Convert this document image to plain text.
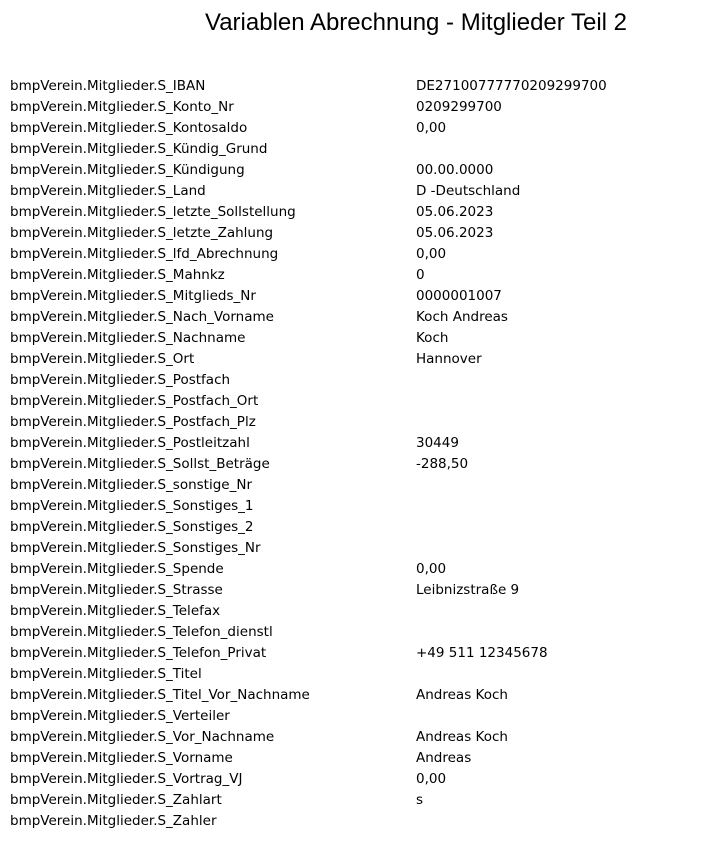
Variablen Abrechnung - Mitglieder Teil 2
bmpVerein.Mitglieder.S_IBAN	DE27100777770209299700
bmpVerein.Mitglieder.S_Konto_Nr	0209299700
bmpVerein.Mitglieder.S_Kontosaldo	0,00
bmpVerein.Mitglieder.S_Kündig_Grund
bmpVerein.Mitglieder.S_Kündigung	00.00.0000
bmpVerein.Mitglieder.S_Land	D -Deutschland
bmpVerein.Mitglieder.S_letzte_Sollstellung	05.06.2023
bmpVerein.Mitglieder.S_letzte_Zahlung	05.06.2023
bmpVerein.Mitglieder.S_lfd_Abrechnung	0,00
bmpVerein.Mitglieder.S_Mahnkz	0
bmpVerein.Mitglieder.S_Mitglieds_Nr	0000001007
bmpVerein.Mitglieder.S_Nach_Vorname	Koch Andreas
bmpVerein.Mitglieder.S_Nachname	Koch
bmpVerein.Mitglieder.S_Ort	Hannover
bmpVerein.Mitglieder.S_Postfach
bmpVerein.Mitglieder.S_Postfach_Ort
bmpVerein.Mitglieder.S_Postfach_Plz
bmpVerein.Mitglieder.S_Postleitzahl	30449
bmpVerein.Mitglieder.S_Sollst_Beträge	-288,50
bmpVerein.Mitglieder.S_sonstige_Nr
bmpVerein.Mitglieder.S_Sonstiges_1
bmpVerein.Mitglieder.S_Sonstiges_2
bmpVerein.Mitglieder.S_Sonstiges_Nr
bmpVerein.Mitglieder.S_Spende	0,00
bmpVerein.Mitglieder.S_Strasse	Leibnizstraße 9
bmpVerein.Mitglieder.S_Telefax
bmpVerein.Mitglieder.S_Telefon_dienstl
bmpVerein.Mitglieder.S_Telefon_Privat	+49 511 12345678
bmpVerein.Mitglieder.S_Titel
bmpVerein.Mitglieder.S_Titel_Vor_Nachname	Andreas Koch
bmpVerein.Mitglieder.S_Verteiler
bmpVerein.Mitglieder.S_Vor_Nachname	Andreas Koch
bmpVerein.Mitglieder.S_Vorname	Andreas
bmpVerein.Mitglieder.S_Vortrag_VJ	0,00
bmpVerein.Mitglieder.S_Zahlart	s
bmpVerein.Mitglieder.S_Zahler
